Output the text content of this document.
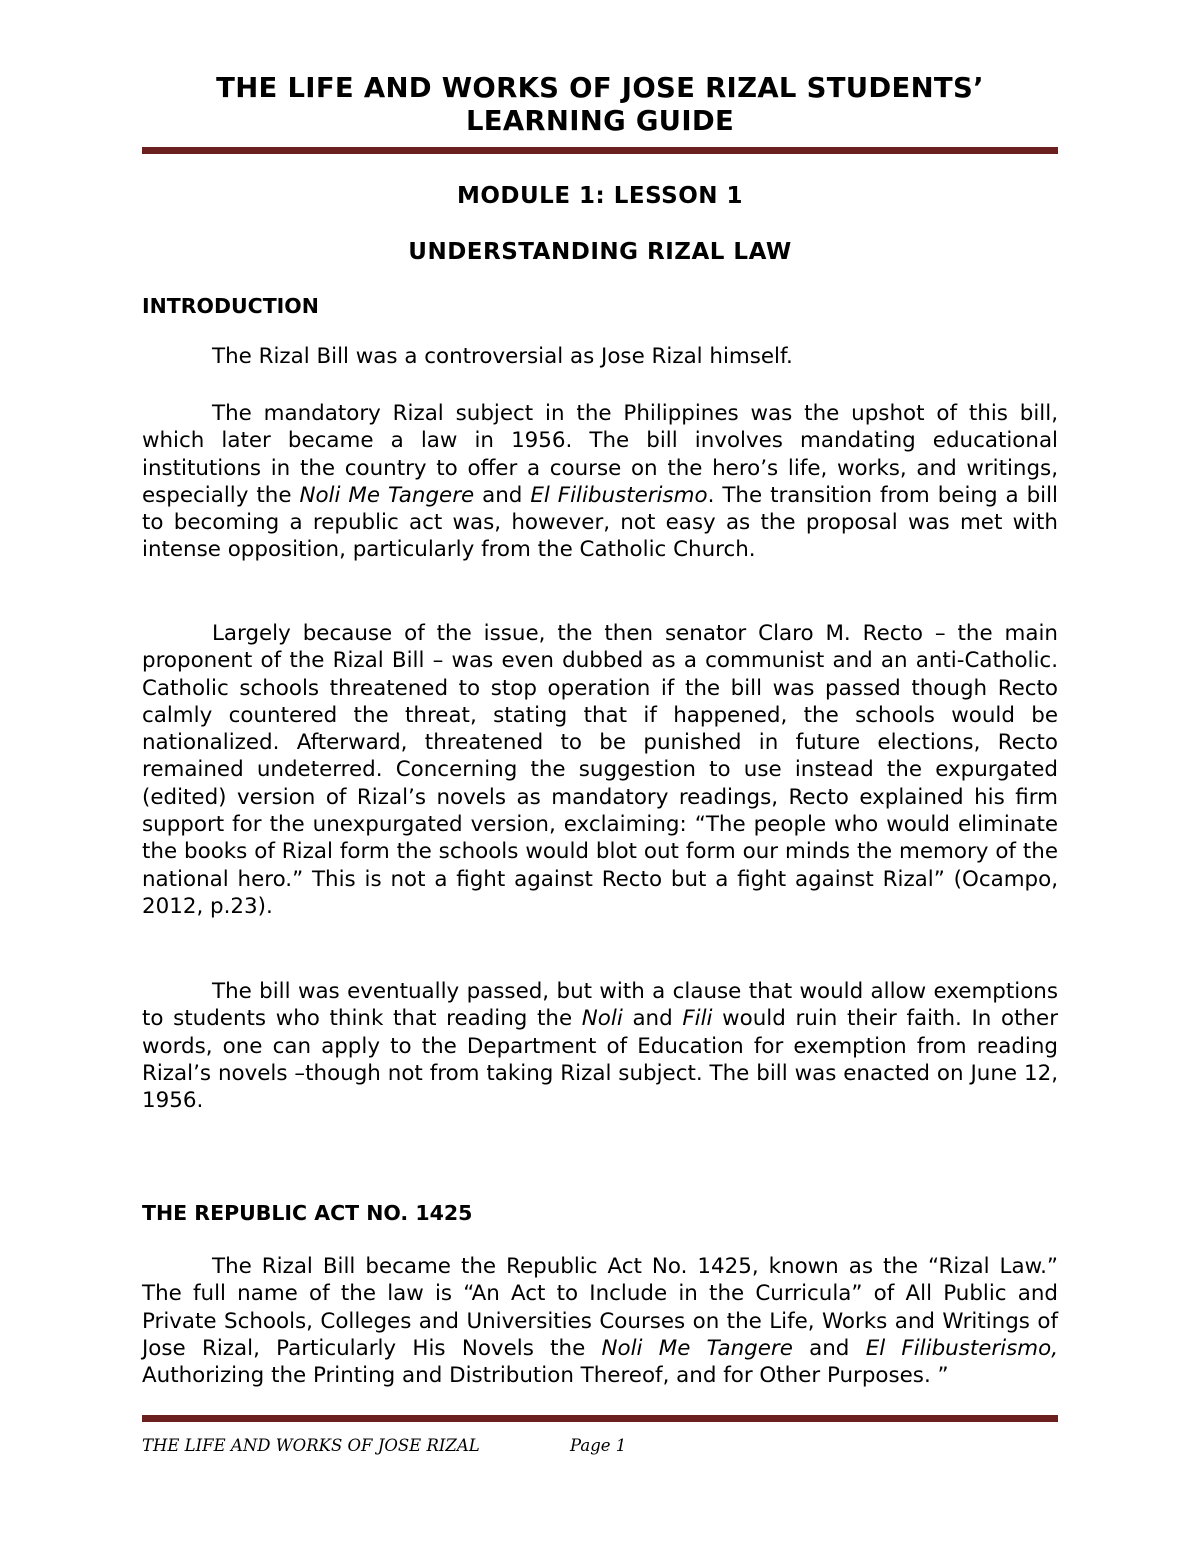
THE LIFE AND WORKS OF JOSE RIZAL STUDENTS’
LEARNING GUIDE

MODULE 1: LESSON 1

UNDERSTANDING RIZAL LAW

INTRODUCTION

The Rizal Bill was a controversial as Jose Rizal himself.

The mandatory Rizal subject in the Philippines was the upshot of this bill, which later became a law in 1956. The bill involves mandating educational institutions in the country to offer a course on the hero’s life, works, and writings, especially the Noli Me Tangere and El Filibusterismo. The transition from being a bill to becoming a republic act was, however, not easy as the proposal was met with intense opposition, particularly from the Catholic Church.

Largely because of the issue, the then senator Claro M. Recto – the main proponent of the Rizal Bill – was even dubbed as a communist and an anti-Catholic. Catholic schools threatened to stop operation if the bill was passed though Recto calmly countered the threat, stating that if happened, the schools would be nationalized. Afterward, threatened to be punished in future elections, Recto remained undeterred. Concerning the suggestion to use instead the expurgated (edited) version of Rizal’s novels as mandatory readings, Recto explained his firm support for the unexpurgated version, exclaiming: “The people who would eliminate the books of Rizal form the schools would blot out form our minds the memory of the national hero.” This is not a fight against Recto but a fight against Rizal” (Ocampo, 2012, p.23).

The bill was eventually passed, but with a clause that would allow exemptions to students who think that reading the Noli and Fili would ruin their faith. In other words, one can apply to the Department of Education for exemption from reading Rizal’s novels –though not from taking Rizal subject. The bill was enacted on June 12, 1956.

THE REPUBLIC ACT NO. 1425

The Rizal Bill became the Republic Act No. 1425, known as the “Rizal Law.” The full name of the law is “An Act to Include in the Curricula” of All Public and Private Schools, Colleges and Universities Courses on the Life, Works and Writings of Jose Rizal, Particularly His Novels the Noli Me Tangere and El Filibusterismo, Authorizing the Printing and Distribution Thereof, and for Other Purposes. ”

THE LIFE AND WORKS OF JOSE RIZAL	Page 1
